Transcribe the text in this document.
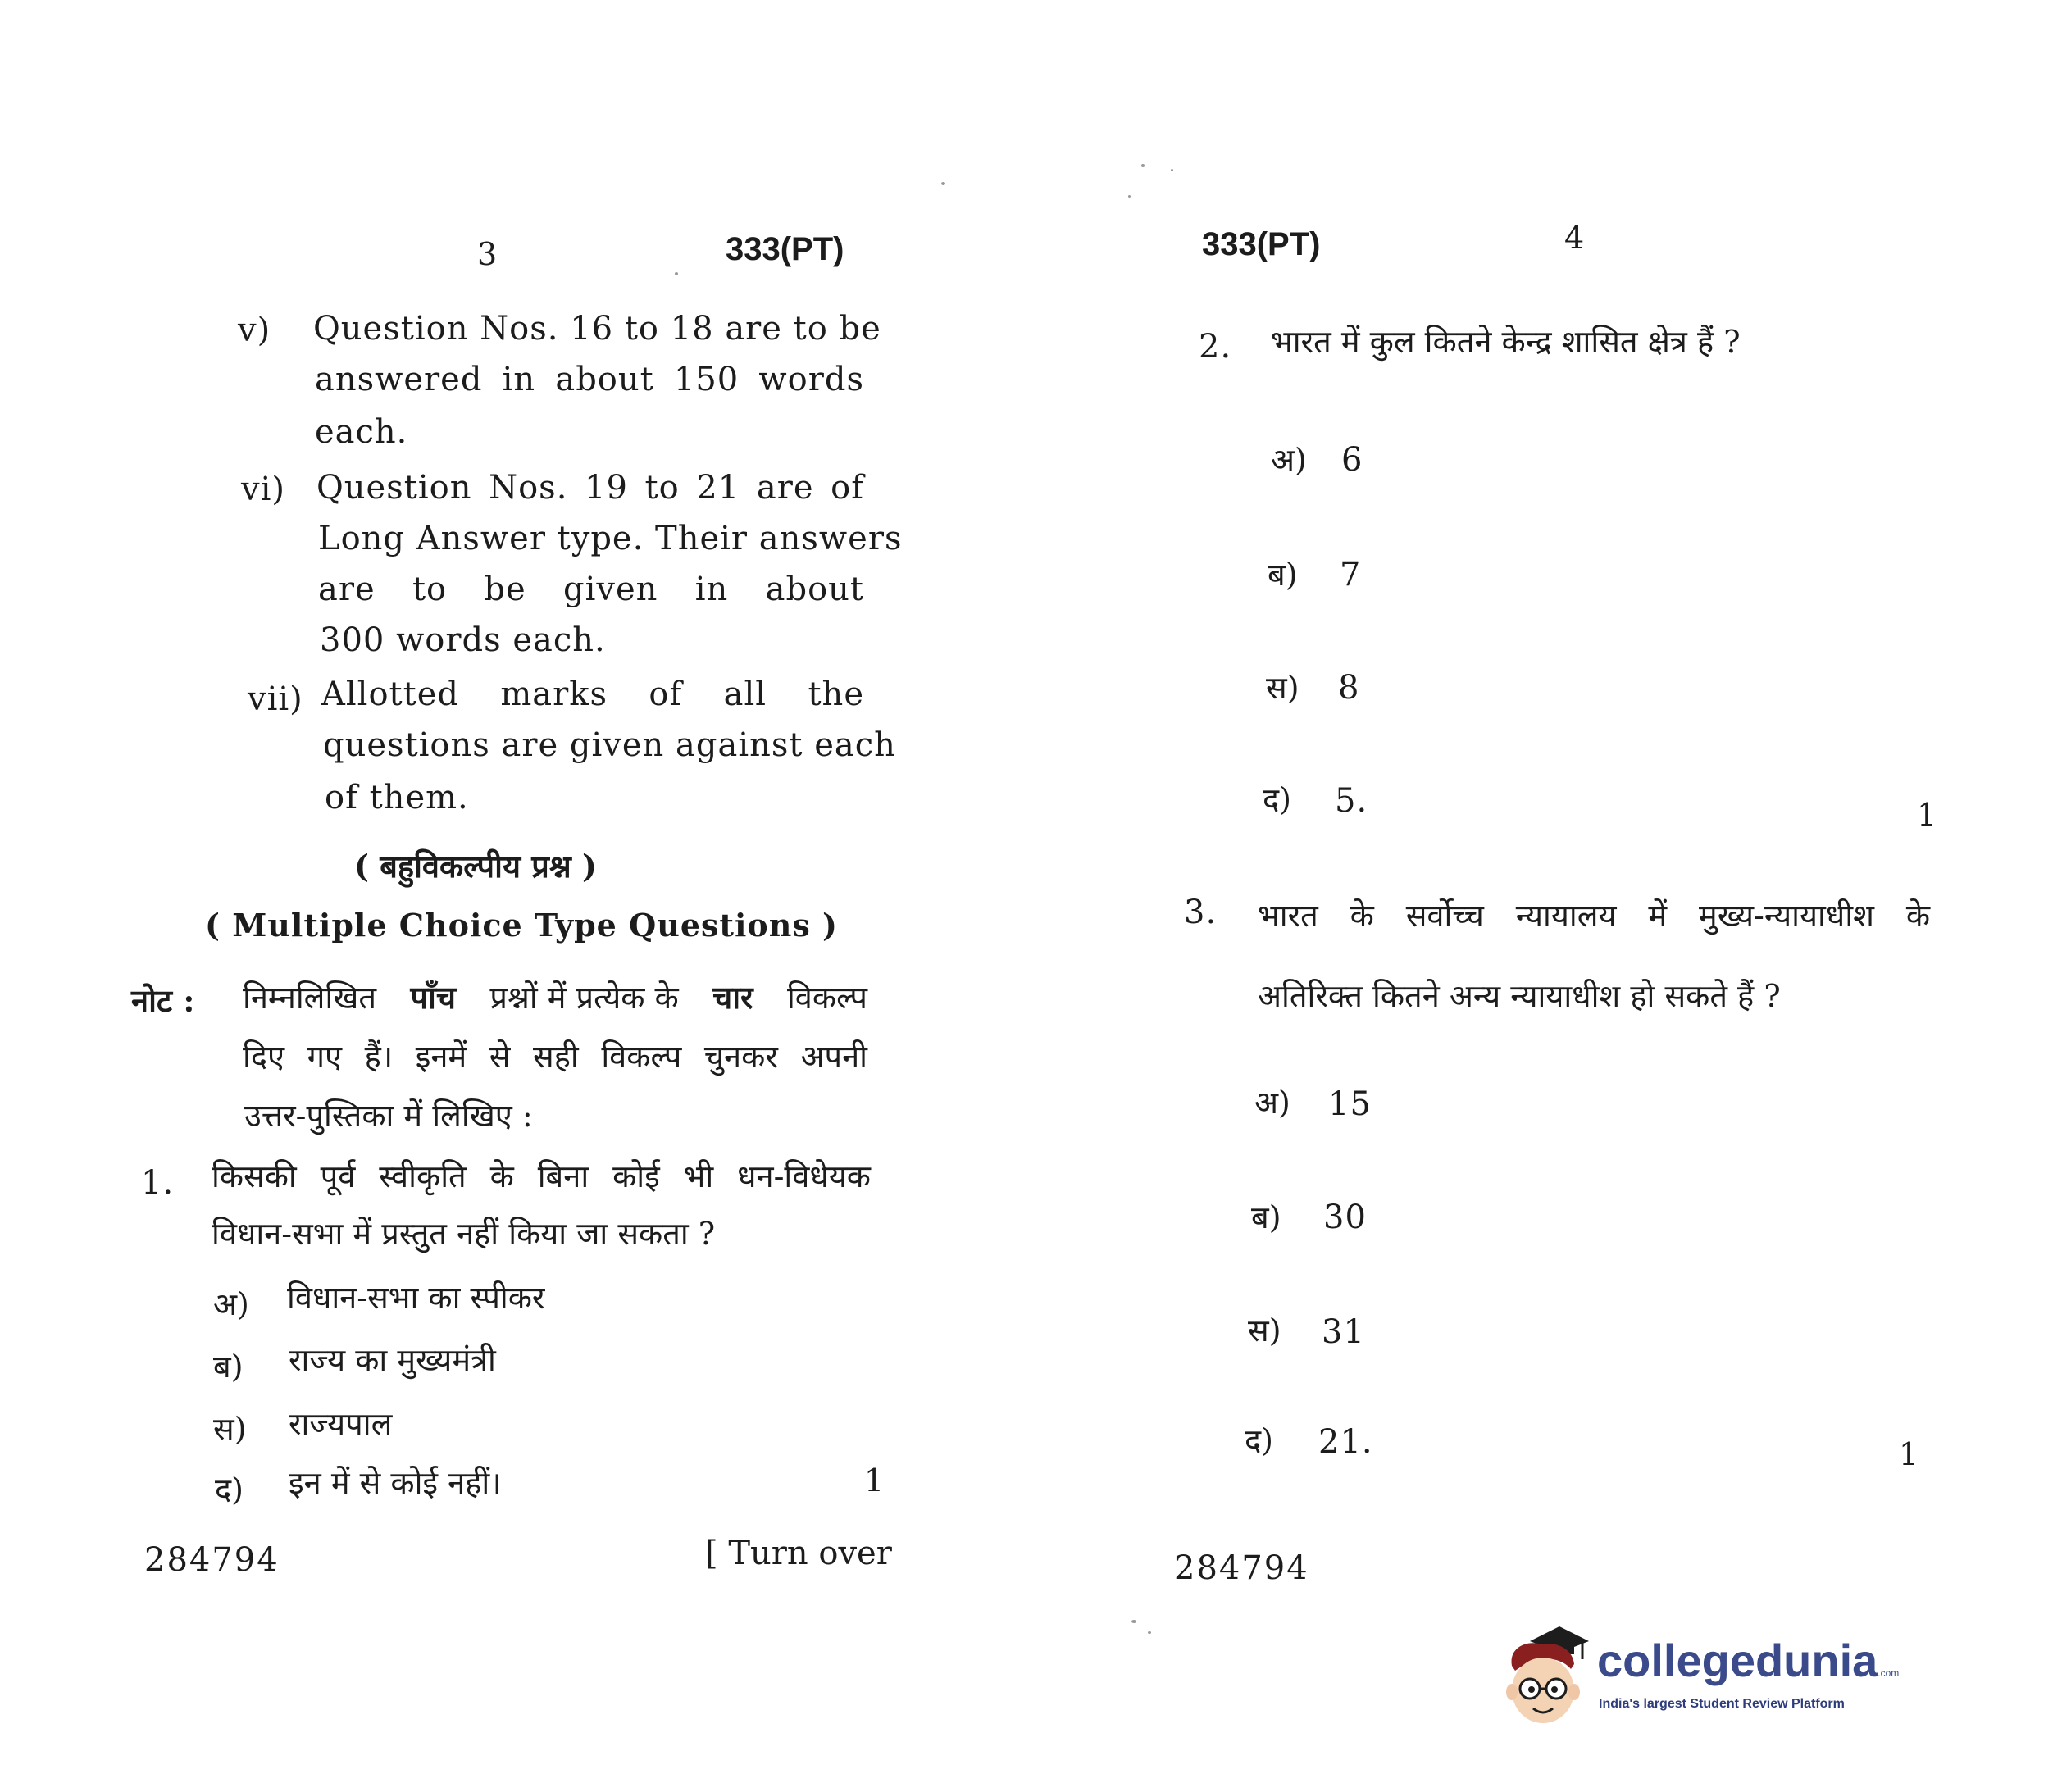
3	333(PT)
v) Question Nos. 16 to 18 are to be
answered in about 150 words
each.
vi) Question Nos. 19 to 21 are of
Long Answer type. Their answers
are to be given in about
300 words each.
vii) Allotted marks of all the
questions are given against each
of them.
( बहुविकल्पीय प्रश्न )
( Multiple Choice Type Questions )
नोट : निम्नलिखित पाँच प्रश्नों में प्रत्येक के चार विकल्प
दिए गए हैं। इनमें से सही विकल्प चुनकर अपनी
उत्तर-पुस्तिका में लिखिए :
1. किसकी पूर्व स्वीकृति के बिना कोई भी धन-विधेयक
विधान-सभा में प्रस्तुत नहीं किया जा सकता ?
अ) विधान-सभा का स्पीकर
ब) राज्य का मुख्यमंत्री
स) राज्यपाल
द) इन में से कोई नहीं।	1
284794	[ Turn over
333(PT)	4
2. भारत में कुल कितने केन्द्र शासित क्षेत्र हैं ?
अ) 6
ब) 7
स) 8
द) 5.	1
3. भारत के सर्वोच्च न्यायालय में मुख्य-न्यायाधीश के
अतिरिक्त कितने अन्य न्यायाधीश हो सकते हैं ?
अ) 15
ब) 30
स) 31
द) 21.	1
284794
collegedunia.com
India's largest Student Review Platform
